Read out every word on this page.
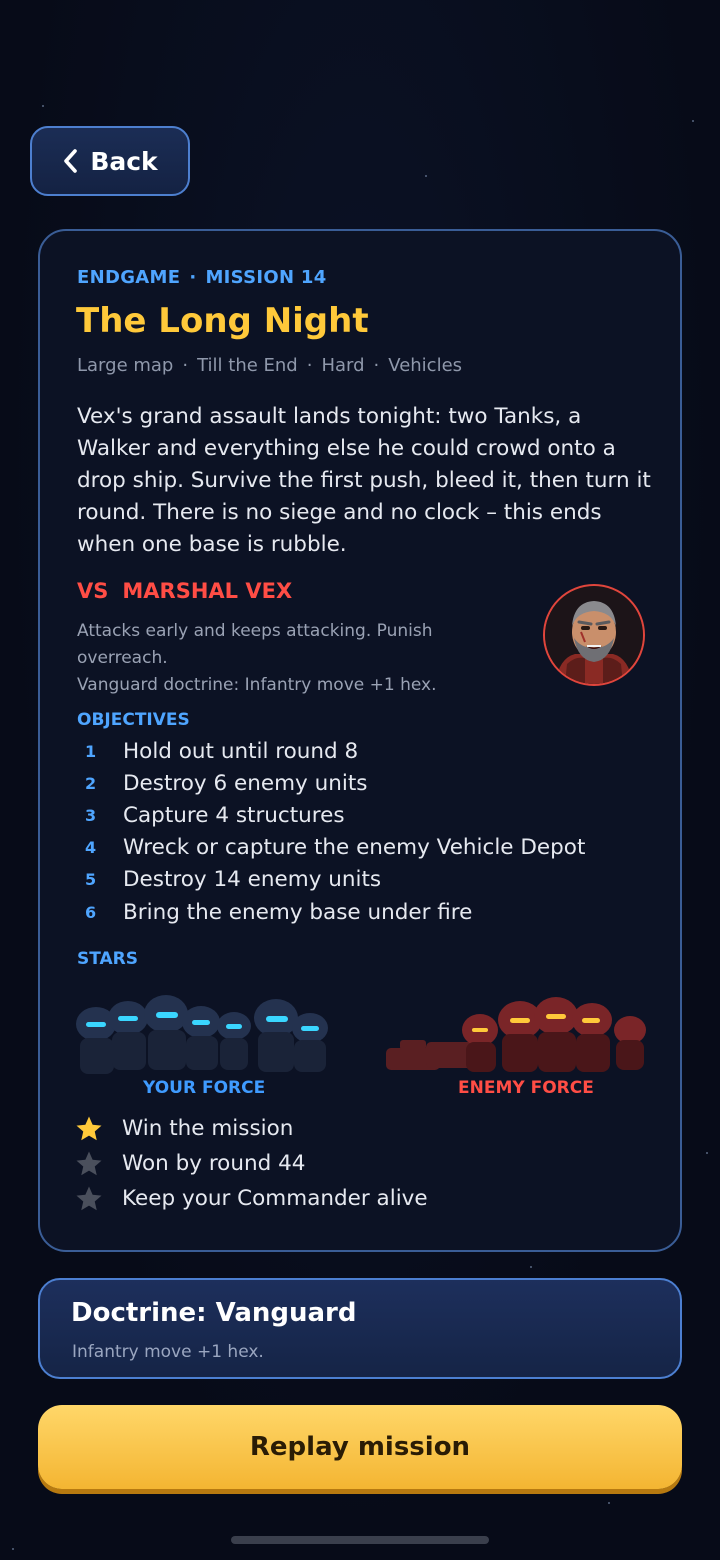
Back
ENDGAME · MISSION 14
The Long Night
Large map · Till the End · Hard · Vehicles
Vex's grand assault lands tonight: two Tanks, a Walker and everything else he could crowd onto a drop ship. Survive the first push, bleed it, then turn it round. There is no siege and no clock – this ends when one base is rubble.
VS MARSHAL VEX
Attacks early and keeps attacking. Punish overreach.
Vanguard doctrine: Infantry move +1 hex.
OBJECTIVES
1	Hold out until round 8
2	Destroy 6 enemy units
3	Capture 4 structures
4	Wreck or capture the enemy Vehicle Depot
5	Destroy 14 enemy units
6	Bring the enemy base under fire
STARS
YOUR FORCE	ENEMY FORCE
Win the mission
Won by round 44
Keep your Commander alive
Doctrine: Vanguard
Infantry move +1 hex.
Replay mission
